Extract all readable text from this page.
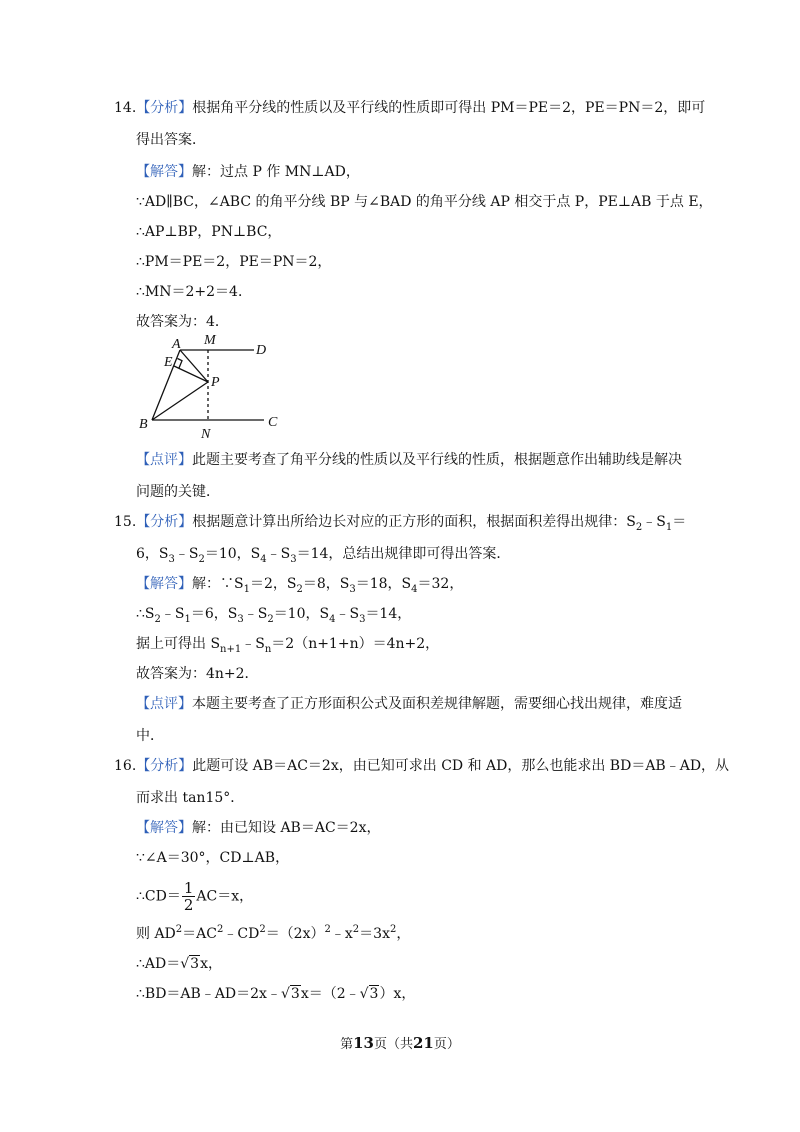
14.【分析】根据角平分线的性质以及平行线的性质即可得出 PM＝PE＝2，PE＝PN＝2，即可
得出答案．
【解答】解：过点 P 作 MN⊥AD，
∵AD∥BC，∠ABC 的角平分线 BP 与∠BAD 的角平分线 AP 相交于点 P，PE⊥AB 于点 E，
∴AP⊥BP，PN⊥BC，
∴PM＝PE＝2，PE＝PN＝2，
∴MN＝2+2＝4．
故答案为：4．
A M
D
E
P
B
N
C
【点评】此题主要考查了角平分线的性质以及平行线的性质，根据题意作出辅助线是解决
问题的关键．
15.【分析】根据题意计算出所给边长对应的正方形的面积，根据面积差得出规律：$S_2﹣S_1=$
6，$S_3﹣S_2=10$，$S_4﹣S_3=14$，总结出规律即可得出答案．
【解答】解：$\because S_1=2$，$S_2=8$，$S_3=18$，$S_4=32$，
$\therefore S_2﹣S_1=6$，$S_3﹣S_2=10$，$S_4﹣S_3=14$，
据上可得出 $S_{n+1}﹣S_n=2(n+1+n)=4n+2$，
故答案为：4n+2．
【点评】本题主要考查了正方形面积公式及面积差规律解题，需要细心找出规律，难度适
中．
16.【分析】此题可设 AB＝AC＝2x，由已知可求出 CD 和 AD，那么也能求出 BD＝AB﹣AD，从
而求出 tan15°．
【解答】解：由已知设 AB＝AC＝2x，
∵∠A＝30°，CD⊥AB，
∴CD＝ $\frac{1}{2} AC=x$，
则 $AD^2=AC^2﹣CD^2=(2x)^2﹣x^2=3x^2$，
∴AD＝√3x，
∴BD＝AB﹣AD＝2x﹣√3x＝（2﹣√3）x，
第13页（共21页）
